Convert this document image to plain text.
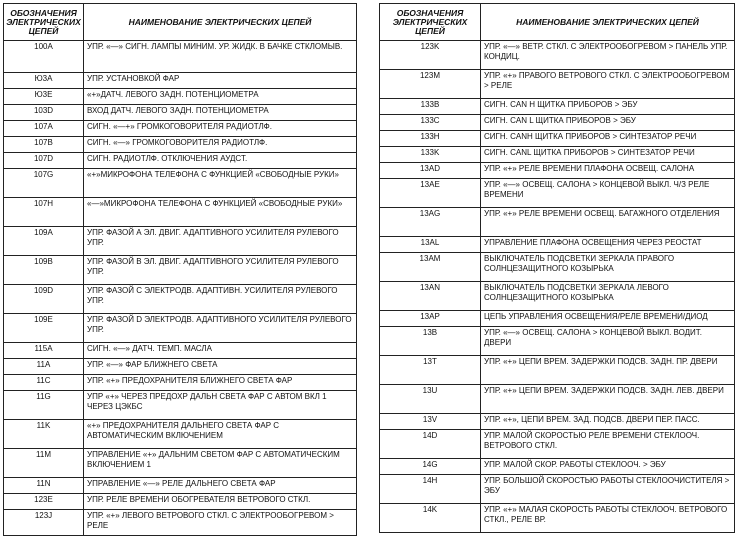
ОБОЗНАЧЕНИЯ ЭЛЕКТРИЧЕСКИХ ЦЕПЕЙ	НАИМЕНОВАНИЕ ЭЛЕКТРИЧЕСКИХ ЦЕПЕЙ
100A	УПР. «—» СИГН. ЛАМПЫ МИНИМ. УР. ЖИДК. В БАЧКЕ СТКЛОМЫВ.
Ю3А	УПР. УСТАНОВКОЙ ФАР
Ю3Е	«+»ДАТЧ. ЛЕВОГО ЗАДН. ПОТЕНЦИОМЕТРА
103D	ВХОД ДАТЧ. ЛЕВОГО ЗАДН. ПОТЕНЦИОМЕТРА
107A	СИГН. «—+» ГРОМКОГОВОРИТЕЛЯ РАДИОТЛФ.
107B	СИГН. «—» ГРОМКОГОВОРИТЕЛЯ РАДИОТЛФ.
107D	СИГН. РАДИОТЛФ. ОТКЛЮЧЕНИЯ АУДСТ.
107G	«+»МИКРОФОНА ТЕЛЕФОНА С ФУНКЦИЕЙ «СВОБОДНЫЕ РУКИ»
107H	«—»МИКРОФОНА ТЕЛЕФОНА С ФУНКЦИЕЙ «СВОБОДНЫЕ РУКИ»
109A	УПР. ФАЗОЙ А ЭЛ. ДВИГ. АДАПТИВНОГО УСИЛИТЕЛЯ РУЛЕВОГО УПР.
109B	УПР. ФАЗОЙ В ЭЛ. ДВИГ. АДАПТИВНОГО УСИЛИТЕЛЯ РУЛЕВОГО УПР.
109D	УПР. ФАЗОЙ С ЭЛЕКТРОДВ. АДАПТИВН. УСИЛИТЕЛЯ РУЛЕВОГО УПР.
109E	УПР. ФАЗОЙ D ЭЛЕКТРОДВ. АДАПТИВНОГО УСИЛИТЕЛЯ РУЛЕВОГО УПР.
115A	СИГН. «—» ДАТЧ. ТЕМП. МАСЛА
11A	УПР. «—» ФАР БЛИЖНЕГО СВЕТА
11C	УПР. «+» ПРЕДОХРАНИТЕЛЯ БЛИЖНЕГО СВЕТА ФАР
11G	УПР «+» ЧЕРЕЗ ПРЕДОХР ДАЛЬН СВЕТА ФАР С АВТОМ ВКЛ 1 ЧЕРЕЗ ЦЭКБС
11K	«+» ПРЕДОХРАНИТЕЛЯ ДАЛЬНЕГО СВЕТА ФАР С АВТОМАТИЧЕСКИМ ВКЛЮЧЕНИЕМ
11M	УПРАВЛЕНИЕ «+» ДАЛЬНИМ СВЕТОМ ФАР С АВТОМАТИЧЕСКИМ ВКЛЮЧЕНИЕМ 1
11N	УПРАВЛЕНИЕ «—» РЕЛЕ ДАЛЬНЕГО СВЕТА ФАР
123E	УПР. РЕЛЕ ВРЕМЕНИ ОБОГРЕВАТЕЛЯ ВЕТРОВОГО СТКЛ.
123J	УПР. «+» ЛЕВОГО ВЕТРОВОГО СТКЛ. С ЭЛЕКТРООБОГРЕВОМ > РЕЛЕ
ОБОЗНАЧЕНИЯ ЭЛЕКТРИЧЕСКИХ ЦЕПЕЙ	НАИМЕНОВАНИЕ ЭЛЕКТРИЧЕСКИХ ЦЕПЕЙ
123K	УПР. «—» ВЕТР. СТКЛ. С ЭЛЕКТРООБОГРЕВОМ > ПАНЕЛЬ УПР. КОНДИЦ.
123M	УПР. «+» ПРАВОГО ВЕТРОВОГО СТКЛ. С ЭЛЕКТРООБОГРЕВОМ > РЕЛЕ
133B	СИГН. CAN H ЩИТКА ПРИБОРОВ > ЭБУ
133C	СИГН. CAN L ЩИТКА ПРИБОРОВ > ЭБУ
133H	СИГН. CANH ЩИТКА ПРИБОРОВ > СИНТЕЗАТОР РЕЧИ
133K	СИГН. CANL ЩИТКА ПРИБОРОВ > СИНТЕЗАТОР РЕЧИ
13AD	УПР. «+» РЕЛЕ ВРЕМЕНИ ПЛАФОНА ОСВЕЩ. САЛОНА
13AE	УПР. «—» ОСВЕЩ. САЛОНА > КОНЦЕВОЙ ВЫКЛ. Ч/З РЕЛЕ ВРЕМЕНИ
13AG	УПР. «+» РЕЛЕ ВРЕМЕНИ ОСВЕЩ. БАГАЖНОГО ОТДЕЛЕНИЯ
13AL	УПРАВЛЕНИЕ ПЛАФОНА ОСВЕЩЕНИЯ ЧЕРЕЗ РЕОСТАТ
13AM	ВЫКЛЮЧАТЕЛЬ ПОДСВЕТКИ ЗЕРКАЛА ПРАВОГО СОЛНЦЕЗАЩИТНОГО КОЗЫРЬКА
13AN	ВЫКЛЮЧАТЕЛЬ ПОДСВЕТКИ ЗЕРКАЛА ЛЕВОГО СОЛНЦЕЗАЩИТНОГО КОЗЫРЬКА
13AP	ЦЕПЬ УПРАВЛЕНИЯ ОСВЕЩЕНИЯ/РЕЛЕ ВРЕМЕНИ/ДИОД
13B	УПР. «—» ОСВЕЩ. САЛОНА > КОНЦЕВОЙ ВЫКЛ. ВОДИТ. ДВЕРИ
13T	УПР. «+» ЦЕПИ ВРЕМ. ЗАДЕРЖКИ ПОДСВ. ЗАДН. ПР. ДВЕРИ
13U	УПР. «+» ЦЕПИ ВРЕМ. ЗАДЕРЖКИ ПОДСВ. ЗАДН. ЛЕВ. ДВЕРИ
13V	УПР. «+», ЦЕПИ ВРЕМ. ЗАД. ПОДСВ. ДВЕРИ ПЕР. ПАСС.
14D	УПР. МАЛОЙ СКОРОСТЬЮ РЕЛЕ ВРЕМЕНИ СТЕКЛООЧ. ВЕТРОВОГО СТКЛ.
14G	УПР. МАЛОЙ СКОР. РАБОТЫ СТЕКЛООЧ. > ЭБУ
14H	УПР. БОЛЬШОЙ СКОРОСТЬЮ РАБОТЫ СТЕКЛООЧИСТИТЕЛЯ > ЭБУ
14K	УПР. «+» МАЛАЯ СКОРОСТЬ РАБОТЫ СТЕКЛООЧ. ВЕТРОВОГО СТКЛ., РЕЛЕ ВР.
